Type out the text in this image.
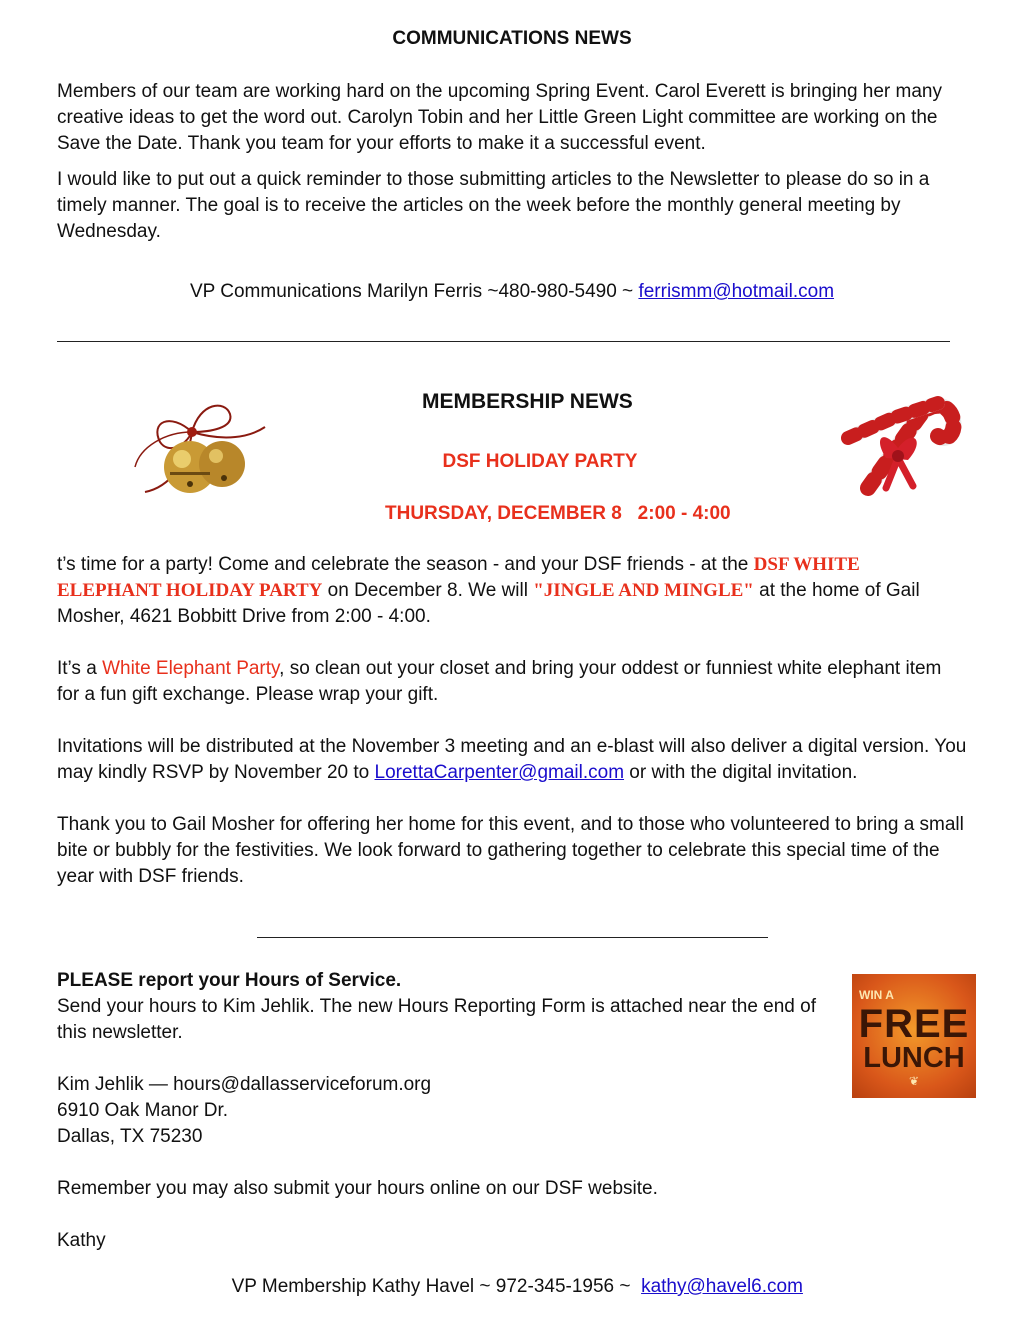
COMMUNICATIONS NEWS

Members of our team are working hard on the upcoming Spring Event. Carol Everett is bringing her many creative ideas to get the word out. Carolyn Tobin and her Little Green Light committee are working on the Save the Date. Thank you team for your efforts to make it a successful event.

I would like to put out a quick reminder to those submitting articles to the Newsletter to please do so in a timely manner. The goal is to receive the articles on the week before the monthly general meeting by Wednesday.

VP Communications Marilyn Ferris ~480-980-5490 ~ ferrismm@hotmail.com
MEMBERSHIP NEWS
DSF HOLIDAY PARTY
THURSDAY, DECEMBER 8   2:00 - 4:00

t’s time for a party! Come and celebrate the season - and your DSF friends - at the DSF WHITE ELEPHANT HOLIDAY PARTY on December 8. We will "JINGLE AND MINGLE" at the home of Gail Mosher, 4621 Bobbitt Drive from 2:00 - 4:00.

It’s a White Elephant Party, so clean out your closet and bring your oddest or funniest white elephant item for a fun gift exchange. Please wrap your gift.

Invitations will be distributed at the November 3 meeting and an e-blast will also deliver a digital version. You may kindly RSVP by November 20 to LorettaCarpenter@gmail.com or with the digital invitation.

Thank you to Gail Mosher for offering her home for this event, and to those who volunteered to bring a small bite or bubbly for the festivities. We look forward to gathering together to celebrate this special time of the year with DSF friends.

PLEASE report your Hours of Service.

Send your hours to Kim Jehlik. The new Hours Reporting Form is attached near the end of this newsletter.

Kim Jehlik — hours@dallasserviceforum.org

6910 Oak Manor Dr.

Dallas, TX 75230

Remember you may also submit your hours online on our DSF website.

Kathy

WIN A
FREE
LUNCH
❦

VP Membership Kathy Havel ~ 972-345-1956 ~  kathy@havel6.com
